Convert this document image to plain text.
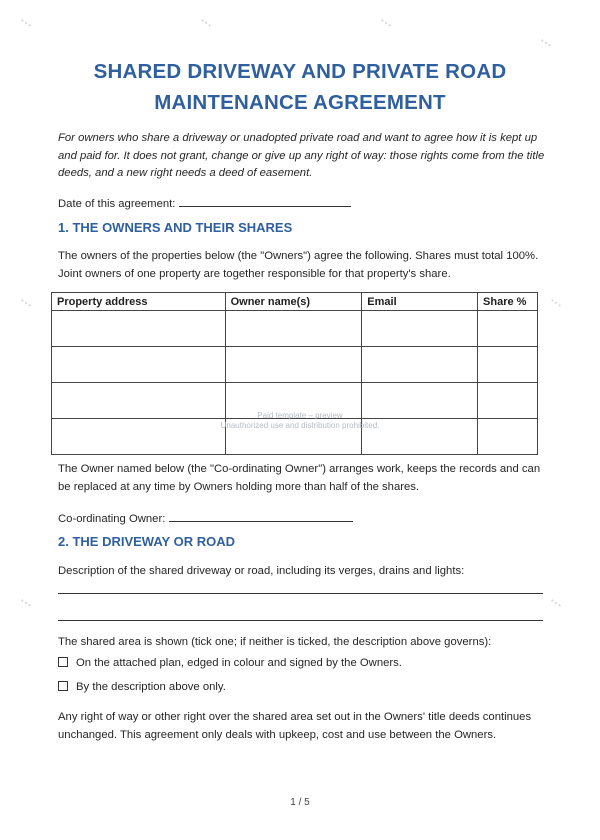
▪ ▪ ▪	▪ ▪ ▪	▪ ▪ ▪
▪ ▪ ▪
▪ ▪ ▪	▪ ▪ ▪
▪ ▪ ▪	▪ ▪ ▪
SHARED DRIVEWAY AND PRIVATE ROAD
MAINTENANCE AGREEMENT
For owners who share a driveway or unadopted private road and want to agree how it is kept up and paid for. It does not grant, change or give up any right of way: those rights come from the title deeds, and a new right needs a deed of easement.
Date of this agreement:
1. THE OWNERS AND THEIR SHARES
The owners of the properties below (the "Owners") agree the following. Shares must total 100%. Joint owners of one property are together responsible for that property's share.
Property address	Owner name(s)	Email	Share %

Paid template – preview
Unauthorized use and distribution prohibited.
The Owner named below (the "Co-ordinating Owner") arranges work, keeps the records and can be replaced at any time by Owners holding more than half of the shares.
Co-ordinating Owner:
2. THE DRIVEWAY OR ROAD
Description of the shared driveway or road, including its verges, drains and lights:
The shared area is shown (tick one; if neither is ticked, the description above governs):
On the attached plan, edged in colour and signed by the Owners.
By the description above only.
Any right of way or other right over the shared area set out in the Owners' title deeds continues unchanged. This agreement only deals with upkeep, cost and use between the Owners.
1 / 5
